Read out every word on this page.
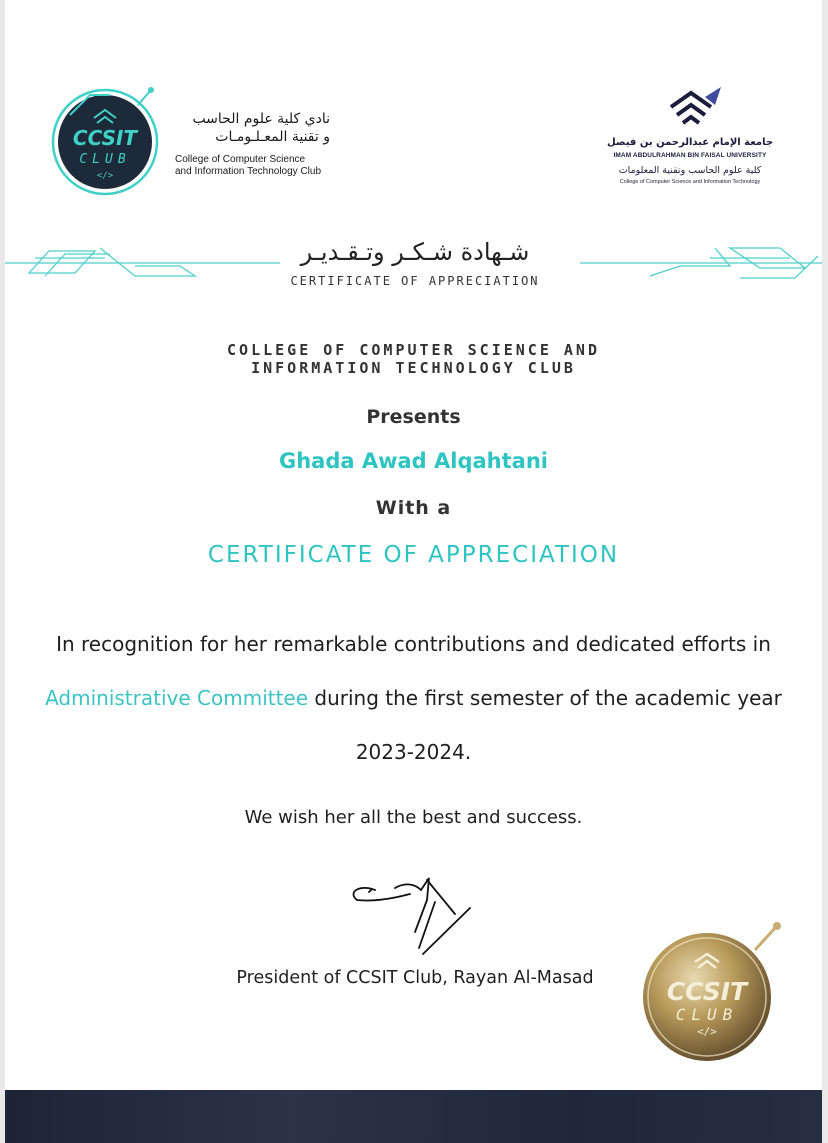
CCSIT
CLUB
</>
نادي كلية علوم الحاسب
و تقنية المعـلـومـات
College of Computer Science
and Information Technology Club
جامعة الإمام عبدالرحمن بن فيصل
IMAM ABDULRAHMAN BIN FAISAL UNIVERSITY
كلية علوم الحاسب وتقنية المعلومات
College of Computer Science and Information Technology
شـهادة شـكـر وتـقـديـر
CERTIFICATE OF APPRECIATION
COLLEGE OF COMPUTER SCIENCE AND
INFORMATION TECHNOLOGY CLUB
Presents
Ghada Awad Alqahtani
With a
CERTIFICATE OF APPRECIATION
In recognition for her remarkable contributions and dedicated efforts in Administrative Committee during the first semester of the academic year 2023-2024.
We wish her all the best and success.
President of CCSIT Club, Rayan Al-Masad	CCSIT
CLUB
</>
